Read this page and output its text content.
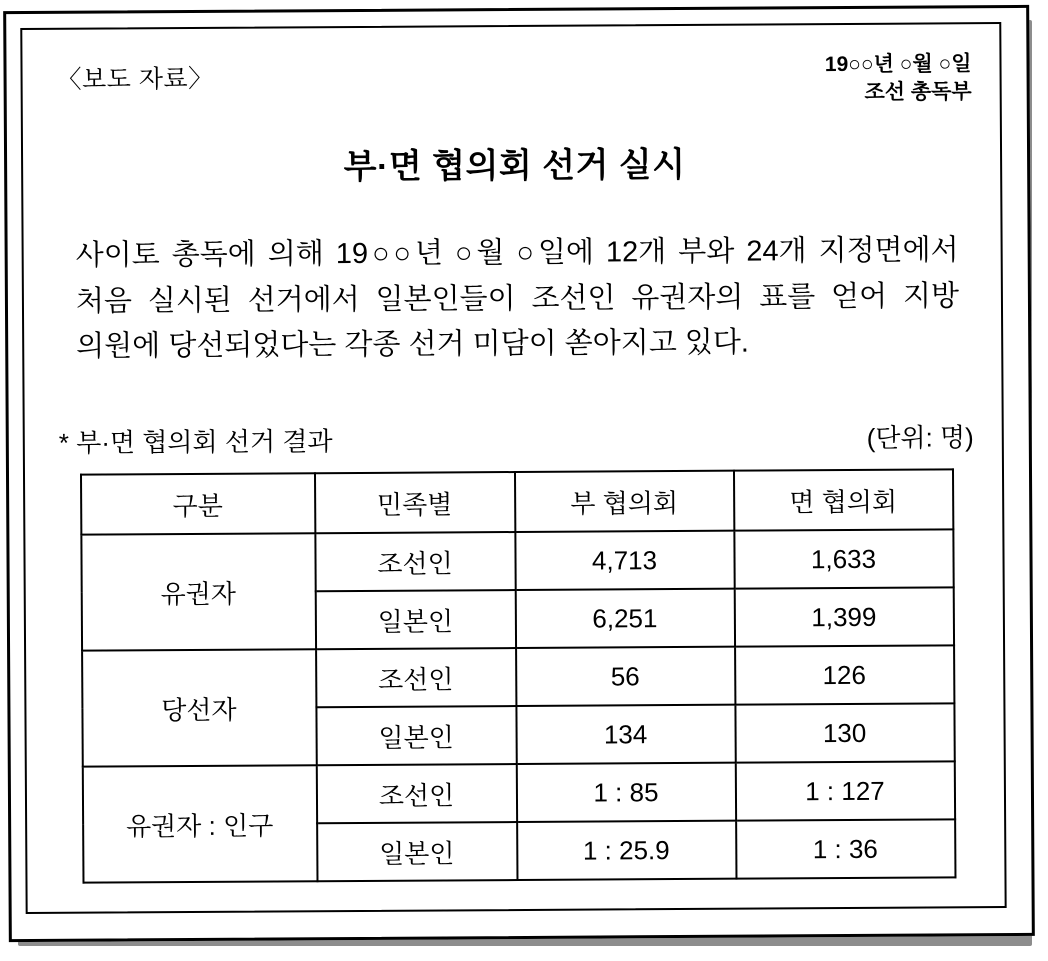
〈보도 자료〉
19○○년 ○월 ○일
조선 총독부
부·면 협의회 선거 실시
사이토 총독에 의해 19○○년 ○월 ○일에 12개 부와 24개 지정면에서 처음 실시된 선거에서 일본인들이 조선인 유권자의 표를 얻어 지방 의원에 당선되었다는 각종 선거 미담이 쏟아지고 있다.
* 부·면 협의회 선거 결과	(단위: 명)
구분	민족별	부 협의회	면 협의회
유권자	조선인	4,713	1,633
	일본인	6,251	1,399
당선자	조선인	56	126
	일본인	134	130
유권자 : 인구	조선인	1 : 85	1 : 127
	일본인	1 : 25.9	1 : 36
